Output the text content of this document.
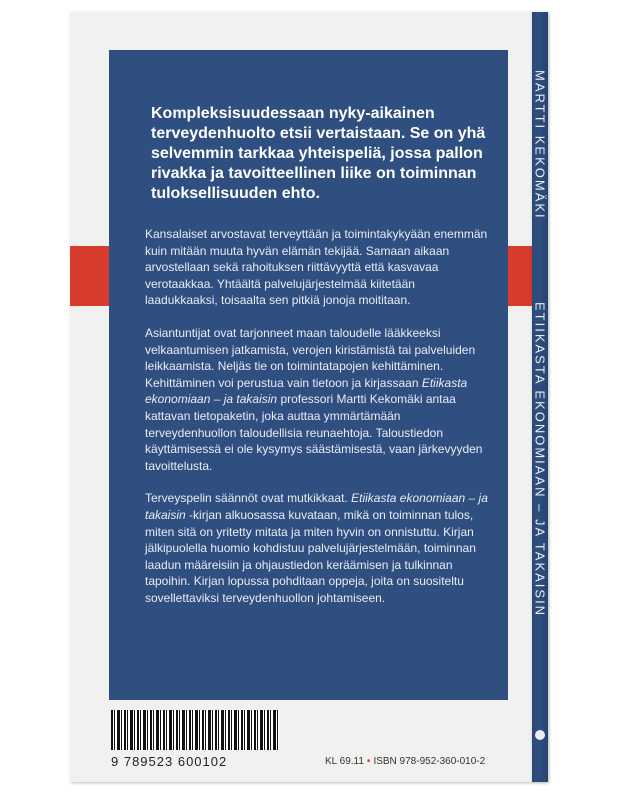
MARTTI KEKOMÄKI
ETIIKASTA EKONOMIAAN – JA TAKAISIN

Kompleksisuudessaan nyky-aikainen terveydenhuolto etsii vertaistaan. Se on yhä selvemmin tarkkaa yhteispeliä, jossa pallon rivakka ja tavoitteellinen liike on toiminnan tuloksellisuuden ehto.

Kansalaiset arvostavat terveyttään ja toimintakykyään enemmän kuin mitään muuta hyvän elämän tekijää. Samaan aikaan arvostellaan sekä rahoituksen riittävyyttä että kasvavaa verotaakkaa. Yhtäältä palvelujärjestelmää kiitetään laadukkaaksi, toisaalta sen pitkiä jonoja moititaan.

Asiantuntijat ovat tarjonneet maan taloudelle lääkkeeksi velkaantumisen jatkamista, verojen kiristämistä tai palveluiden leikkaamista. Neljäs tie on toimintatapojen kehittäminen. Kehittäminen voi perustua vain tietoon ja kirjassaan Etiikasta ekonomiaan – ja takaisin professori Martti Kekomäki antaa kattavan tietopaketin, joka auttaa ymmärtämään terveydenhuollon taloudellisia reunaehtoja. Taloustiedon käyttämisessä ei ole kysymys säästämisestä, vaan järkevyyden tavoittelusta.

Terveyspelin säännöt ovat mutkikkaat. Etiikasta ekonomiaan – ja takaisin -kirjan alkuosassa kuvataan, mikä on toiminnan tulos, miten sitä on yritetty mitata ja miten hyvin on onnistuttu. Kirjan jälkipuolella huomio kohdistuu palvelujärjestelmään, toiminnan laadun määreisiin ja ohjaustiedon keräämisen ja tulkinnan tapoihin. Kirjan lopussa pohditaan oppeja, joita on suositeltu sovellettaviksi terveydenhuollon johtamiseen.

9 789523 600102	KL 69.11 • ISBN 978-952-360-010-2
